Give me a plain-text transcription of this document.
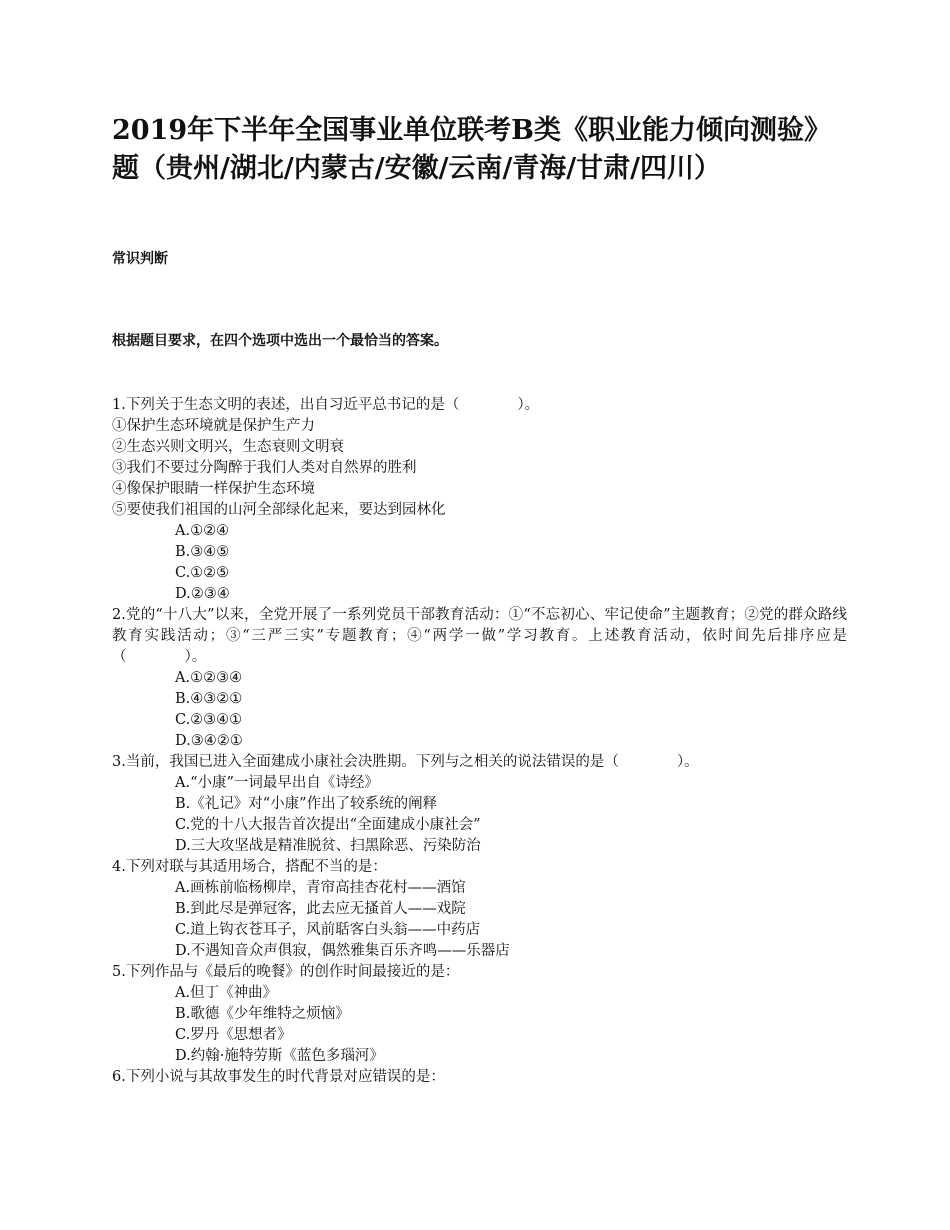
2019年下半年全国事业单位联考B类《职业能力倾向测验》
题（贵州/湖北/内蒙古/安徽/云南/青海/甘肃/四川）
常识判断
根据题目要求，在四个选项中选出一个最恰当的答案。
1.下列关于生态文明的表述，出自习近平总书记的是（　　　　）。
①保护生态环境就是保护生产力
②生态兴则文明兴，生态衰则文明衰
③我们不要过分陶醉于我们人类对自然界的胜利
④像保护眼睛一样保护生态环境
⑤要使我们祖国的山河全部绿化起来，要达到园林化
A.①②④
B.③④⑤
C.①②⑤
D.②③④
2.党的“十八大”以来，全党开展了一系列党员干部教育活动：①“不忘初心、牢记使命”主题教育；②党的群众路线教育实践活动；③“三严三实”专题教育；④“两学一做”学习教育。上述教育活动，依时间先后排序应是（　　　　）。
A.①②③④
B.④③②①
C.②③④①
D.③④②①
3.当前，我国已进入全面建成小康社会决胜期。下列与之相关的说法错误的是（　　　　）。
A.“小康”一词最早出自《诗经》
B.《礼记》对“小康”作出了较系统的阐释
C.党的十八大报告首次提出“全面建成小康社会”
D.三大攻坚战是精准脱贫、扫黑除恶、污染防治
4.下列对联与其适用场合，搭配不当的是：
A.画栋前临杨柳岸，青帘高挂杏花村——酒馆
B.到此尽是弹冠客，此去应无搔首人——戏院
C.道上钩衣苍耳子，风前聒客白头翁——中药店
D.不遇知音众声俱寂，偶然雅集百乐齐鸣——乐器店
5.下列作品与《最后的晚餐》的创作时间最接近的是：
A.但丁《神曲》
B.歌德《少年维特之烦恼》
C.罗丹《思想者》
D.约翰·施特劳斯《蓝色多瑙河》
6.下列小说与其故事发生的时代背景对应错误的是：
